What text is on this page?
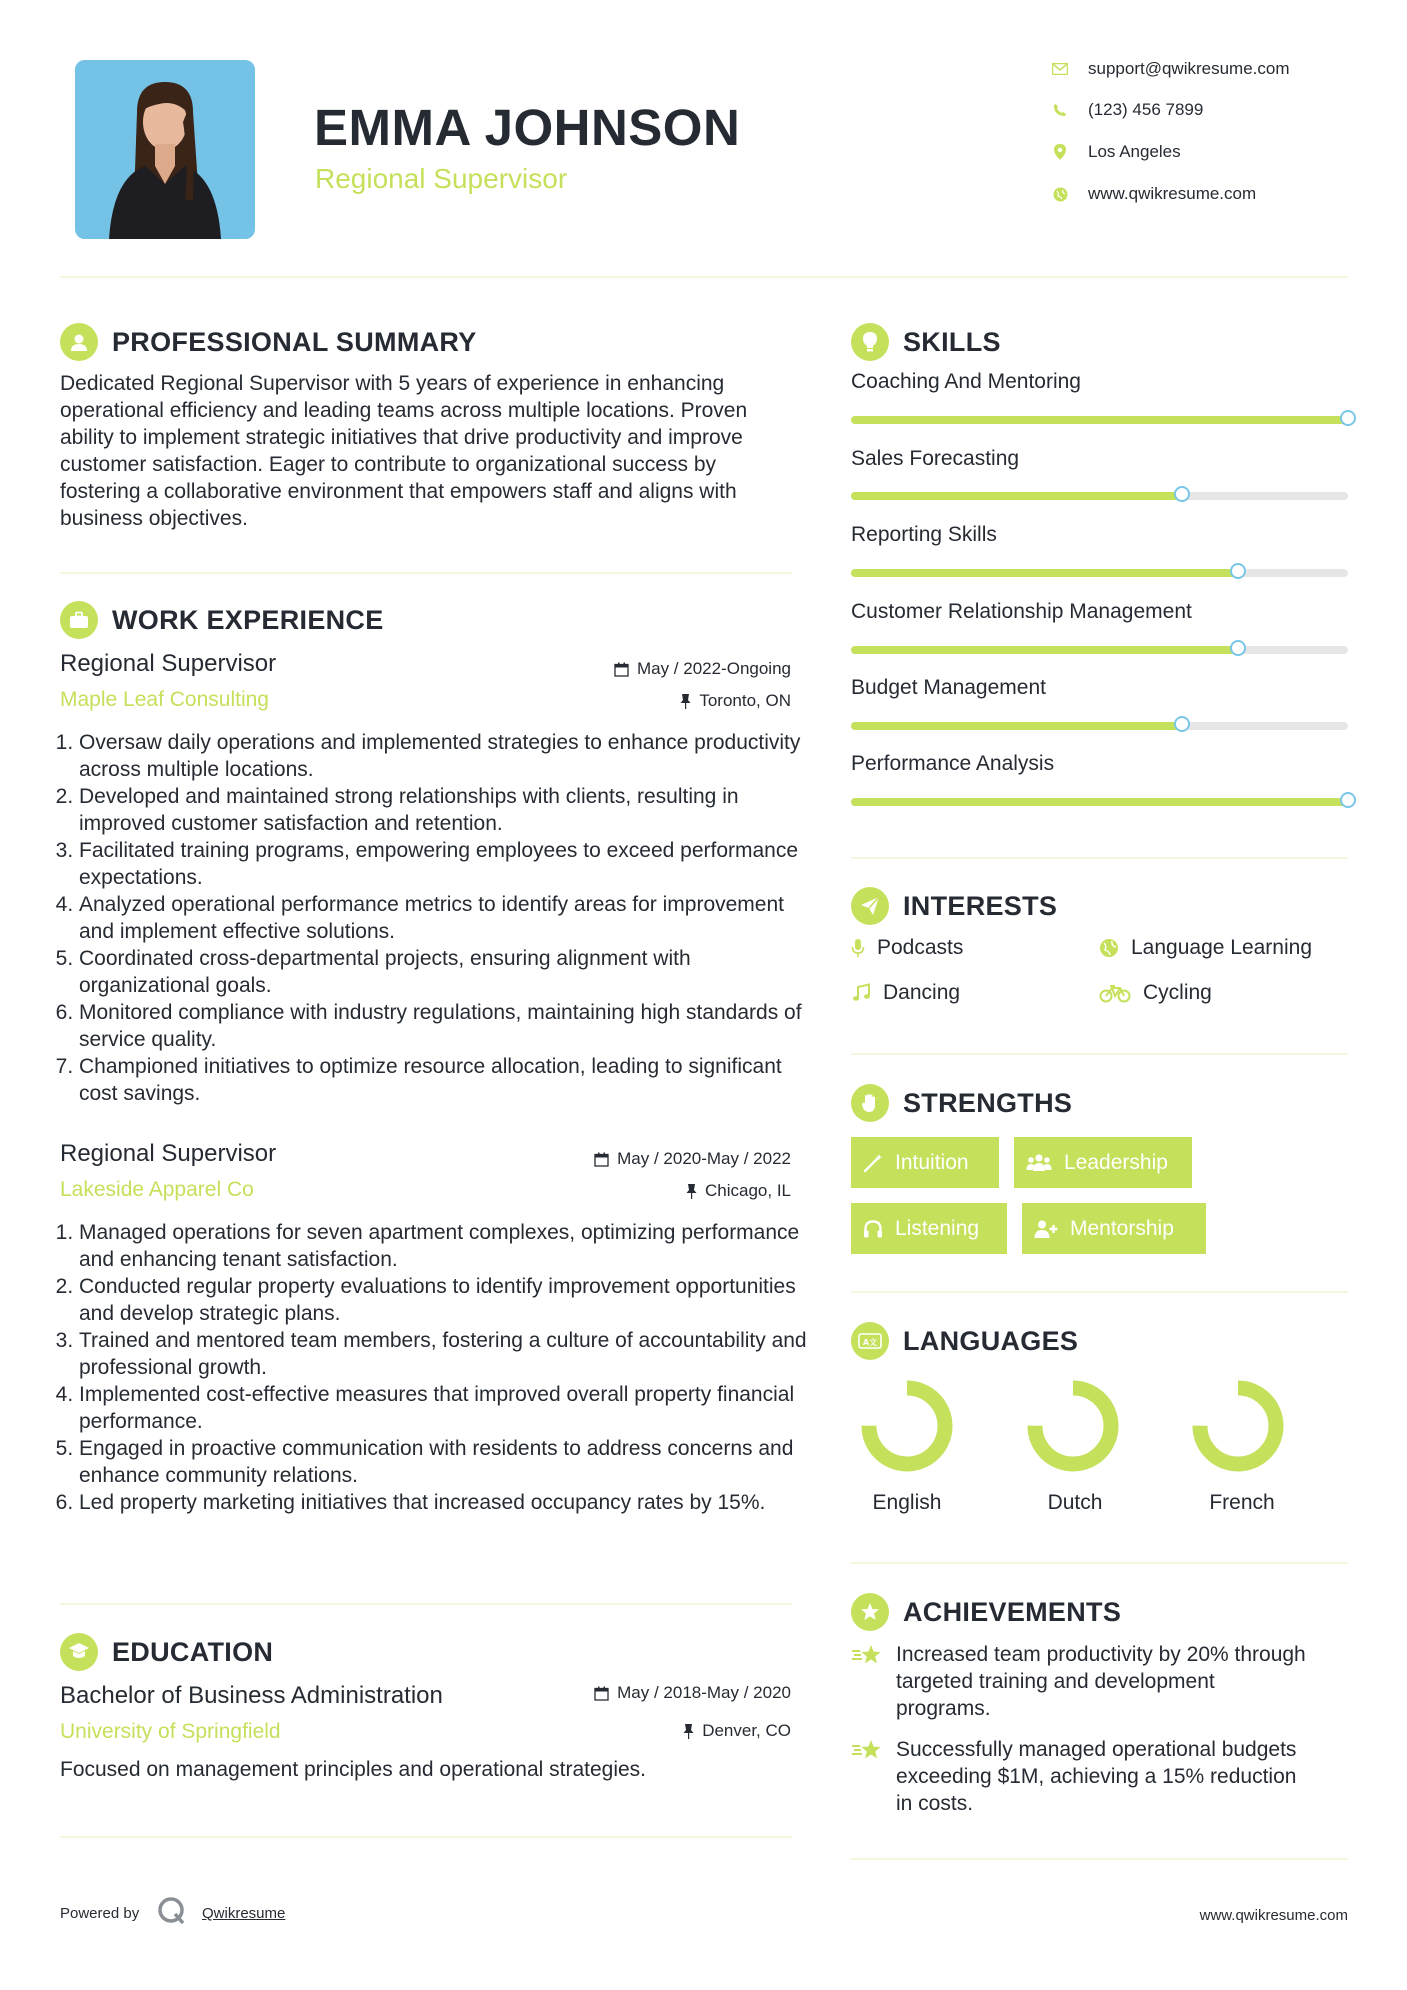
EMMA JOHNSON
Regional Supervisor
support@qwikresume.com
(123) 456 7899
Los Angeles
www.qwikresume.com
PROFESSIONAL SUMMARY
Dedicated Regional Supervisor with 5 years of experience in enhancing operational efficiency and leading teams across multiple locations. Proven ability to implement strategic initiatives that drive productivity and improve customer satisfaction. Eager to contribute to organizational success by fostering a collaborative environment that empowers staff and aligns with business objectives.
WORK EXPERIENCE
Regional Supervisor	May / 2022-Ongoing
Maple Leaf Consulting	Toronto, ON
1. Oversaw daily operations and implemented strategies to enhance productivity across multiple locations.
2. Developed and maintained strong relationships with clients, resulting in improved customer satisfaction and retention.
3. Facilitated training programs, empowering employees to exceed performance expectations.
4. Analyzed operational performance metrics to identify areas for improvement and implement effective solutions.
5. Coordinated cross-departmental projects, ensuring alignment with organizational goals.
6. Monitored compliance with industry regulations, maintaining high standards of service quality.
7. Championed initiatives to optimize resource allocation, leading to significant cost savings.
Regional Supervisor	May / 2020-May / 2022
Lakeside Apparel Co	Chicago, IL
1. Managed operations for seven apartment complexes, optimizing performance and enhancing tenant satisfaction.
2. Conducted regular property evaluations to identify improvement opportunities and develop strategic plans.
3. Trained and mentored team members, fostering a culture of accountability and professional growth.
4. Implemented cost-effective measures that improved overall property financial performance.
5. Engaged in proactive communication with residents to address concerns and enhance community relations.
6. Led property marketing initiatives that increased occupancy rates by 15%.
EDUCATION
Bachelor of Business Administration	May / 2018-May / 2020
University of Springfield	Denver, CO
Focused on management principles and operational strategies.
SKILLS
Coaching And Mentoring
Sales Forecasting
Reporting Skills
Customer Relationship Management
Budget Management
Performance Analysis
INTERESTS
Podcasts	Language Learning
Dancing	Cycling
STRENGTHS
Intuition	Leadership
Listening	Mentorship
A文 LANGUAGES
English	Dutch	French
ACHIEVEMENTS
Increased team productivity by 20% through targeted training and development programs.
Successfully managed operational budgets exceeding $1M, achieving a 15% reduction in costs.
Powered by	Qwikresume	www.qwikresume.com
